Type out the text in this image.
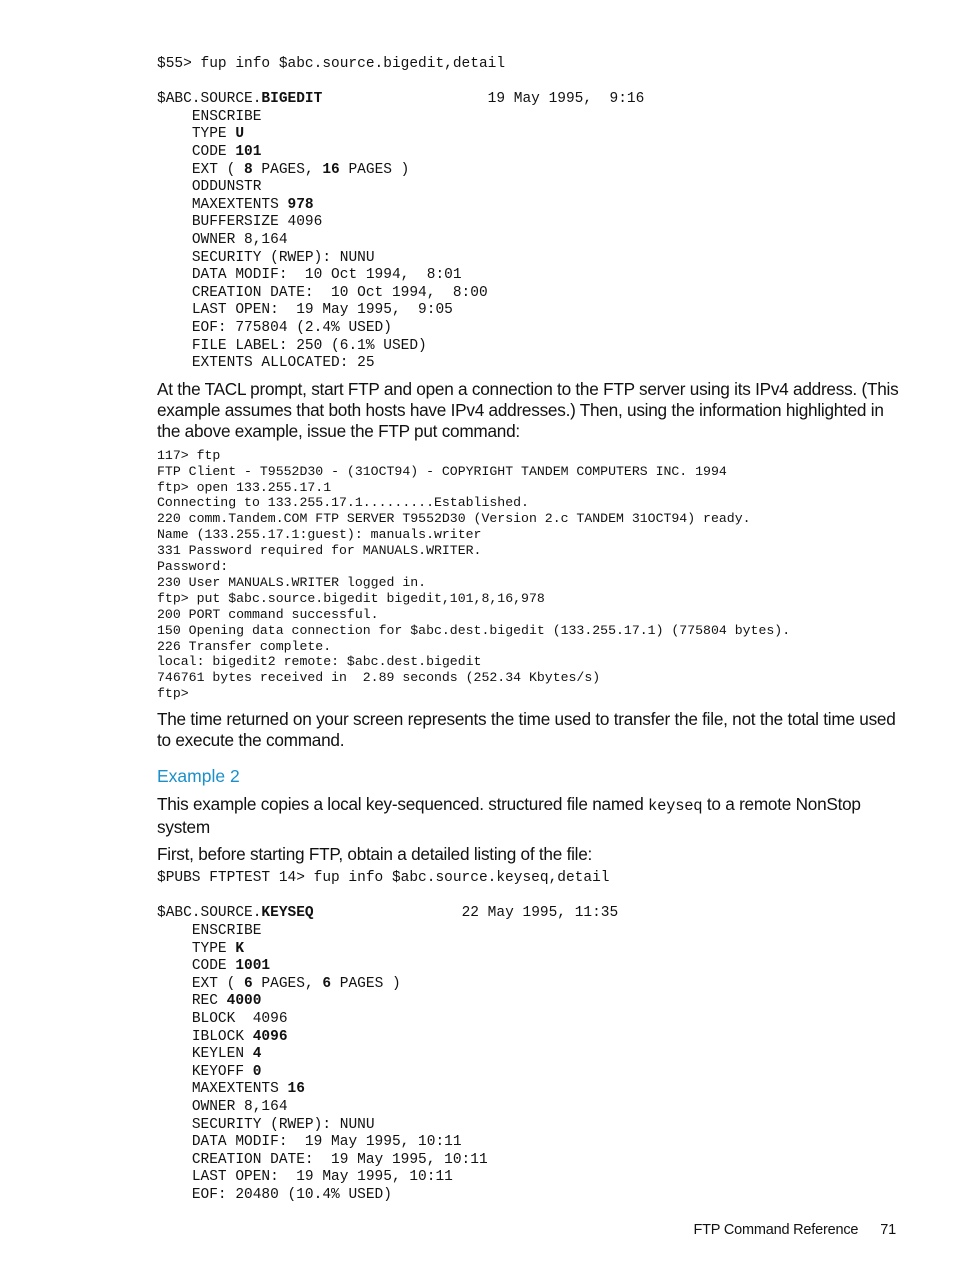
$55> fup info $abc.source.bigedit,detail

$ABC.SOURCE.BIGEDIT	19 May 1995,  9:16
ENSCRIBE
TYPE U
CODE 101
EXT ( 8 PAGES, 16 PAGES )
ODDUNSTR
MAXEXTENTS 978
BUFFERSIZE 4096
OWNER 8,164
SECURITY (RWEP): NUNU
DATA MODIF:  10 Oct 1994,  8:01
CREATION DATE:  10 Oct 1994,  8:00
LAST OPEN:  19 May 1995,  9:05
EOF: 775804 (2.4% USED)
FILE LABEL: 250 (6.1% USED)
EXTENTS ALLOCATED: 25

At the TACL prompt, start FTP and open a connection to the FTP server using its IPv4 address. (This example assumes that both hosts have IPv4 addresses.) Then, using the information highlighted in the above example, issue the FTP put command:

117> ftp
FTP Client - T9552D30 - (31OCT94) - COPYRIGHT TANDEM COMPUTERS INC. 1994
ftp> open 133.255.17.1
Connecting to 133.255.17.1.........Established.
220 comm.Tandem.COM FTP SERVER T9552D30 (Version 2.c TANDEM 31OCT94) ready.
Name (133.255.17.1:guest): manuals.writer
331 Password required for MANUALS.WRITER.
Password:
230 User MANUALS.WRITER logged in.
ftp> put $abc.source.bigedit bigedit,101,8,16,978
200 PORT command successful.
150 Opening data connection for $abc.dest.bigedit (133.255.17.1) (775804 bytes).
226 Transfer complete.
local: bigedit2 remote: $abc.dest.bigedit
746761 bytes received in  2.89 seconds (252.34 Kbytes/s)
ftp>

The time returned on your screen represents the time used to transfer the file, not the total time used to execute the command.

Example 2

This example copies a local key-sequenced. structured file named keyseq to a remote NonStop system

First, before starting FTP, obtain a detailed listing of the file:

$PUBS FTPTEST 14> fup info $abc.source.keyseq,detail

$ABC.SOURCE.KEYSEQ	22 May 1995, 11:35
ENSCRIBE
TYPE K
CODE 1001
EXT ( 6 PAGES, 6 PAGES )
REC 4000
BLOCK  4096
IBLOCK 4096
KEYLEN 4
KEYOFF 0
MAXEXTENTS 16
OWNER 8,164
SECURITY (RWEP): NUNU
DATA MODIF:  19 May 1995, 10:11
CREATION DATE:  19 May 1995, 10:11
LAST OPEN:  19 May 1995, 10:11
EOF: 20480 (10.4% USED)
FTP Command Reference 71
